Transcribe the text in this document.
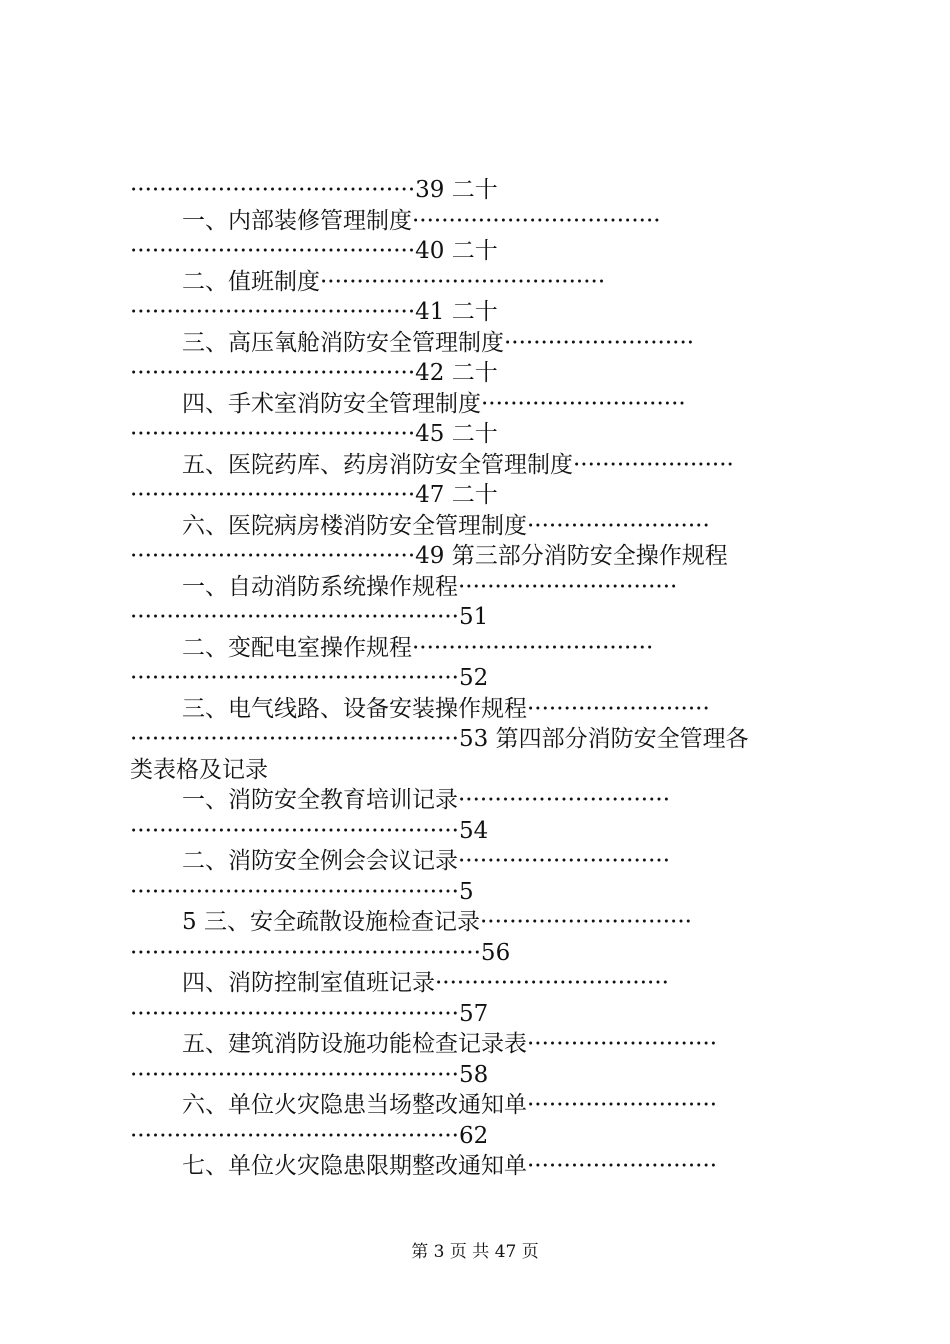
·······································39 二十
一、内部装修管理制度··································
·······································40 二十
二、值班制度·······································
·······································41 二十
三、高压氧舱消防安全管理制度··························
·······································42 二十
四、手术室消防安全管理制度····························
·······································45 二十
五、医院药库、药房消防安全管理制度······················
·······································47 二十
六、医院病房楼消防安全管理制度·························
·······································49 第三部分消防安全操作规程
一、自动消防系统操作规程······························
·············································51
二、变配电室操作规程·································
·············································52
三、电气线路、设备安装操作规程·························
·············································53 第四部分消防安全管理各
类表格及记录
一、消防安全教育培训记录·····························
·············································54
二、消防安全例会会议记录·····························
·············································5
5 三、安全疏散设施检查记录·····························
················································56
四、消防控制室值班记录································
·············································57
五、建筑消防设施功能检查记录表··························
·············································58
六、单位火灾隐患当场整改通知单··························
·············································62
七、单位火灾隐患限期整改通知单··························
第 3 页 共 47 页
